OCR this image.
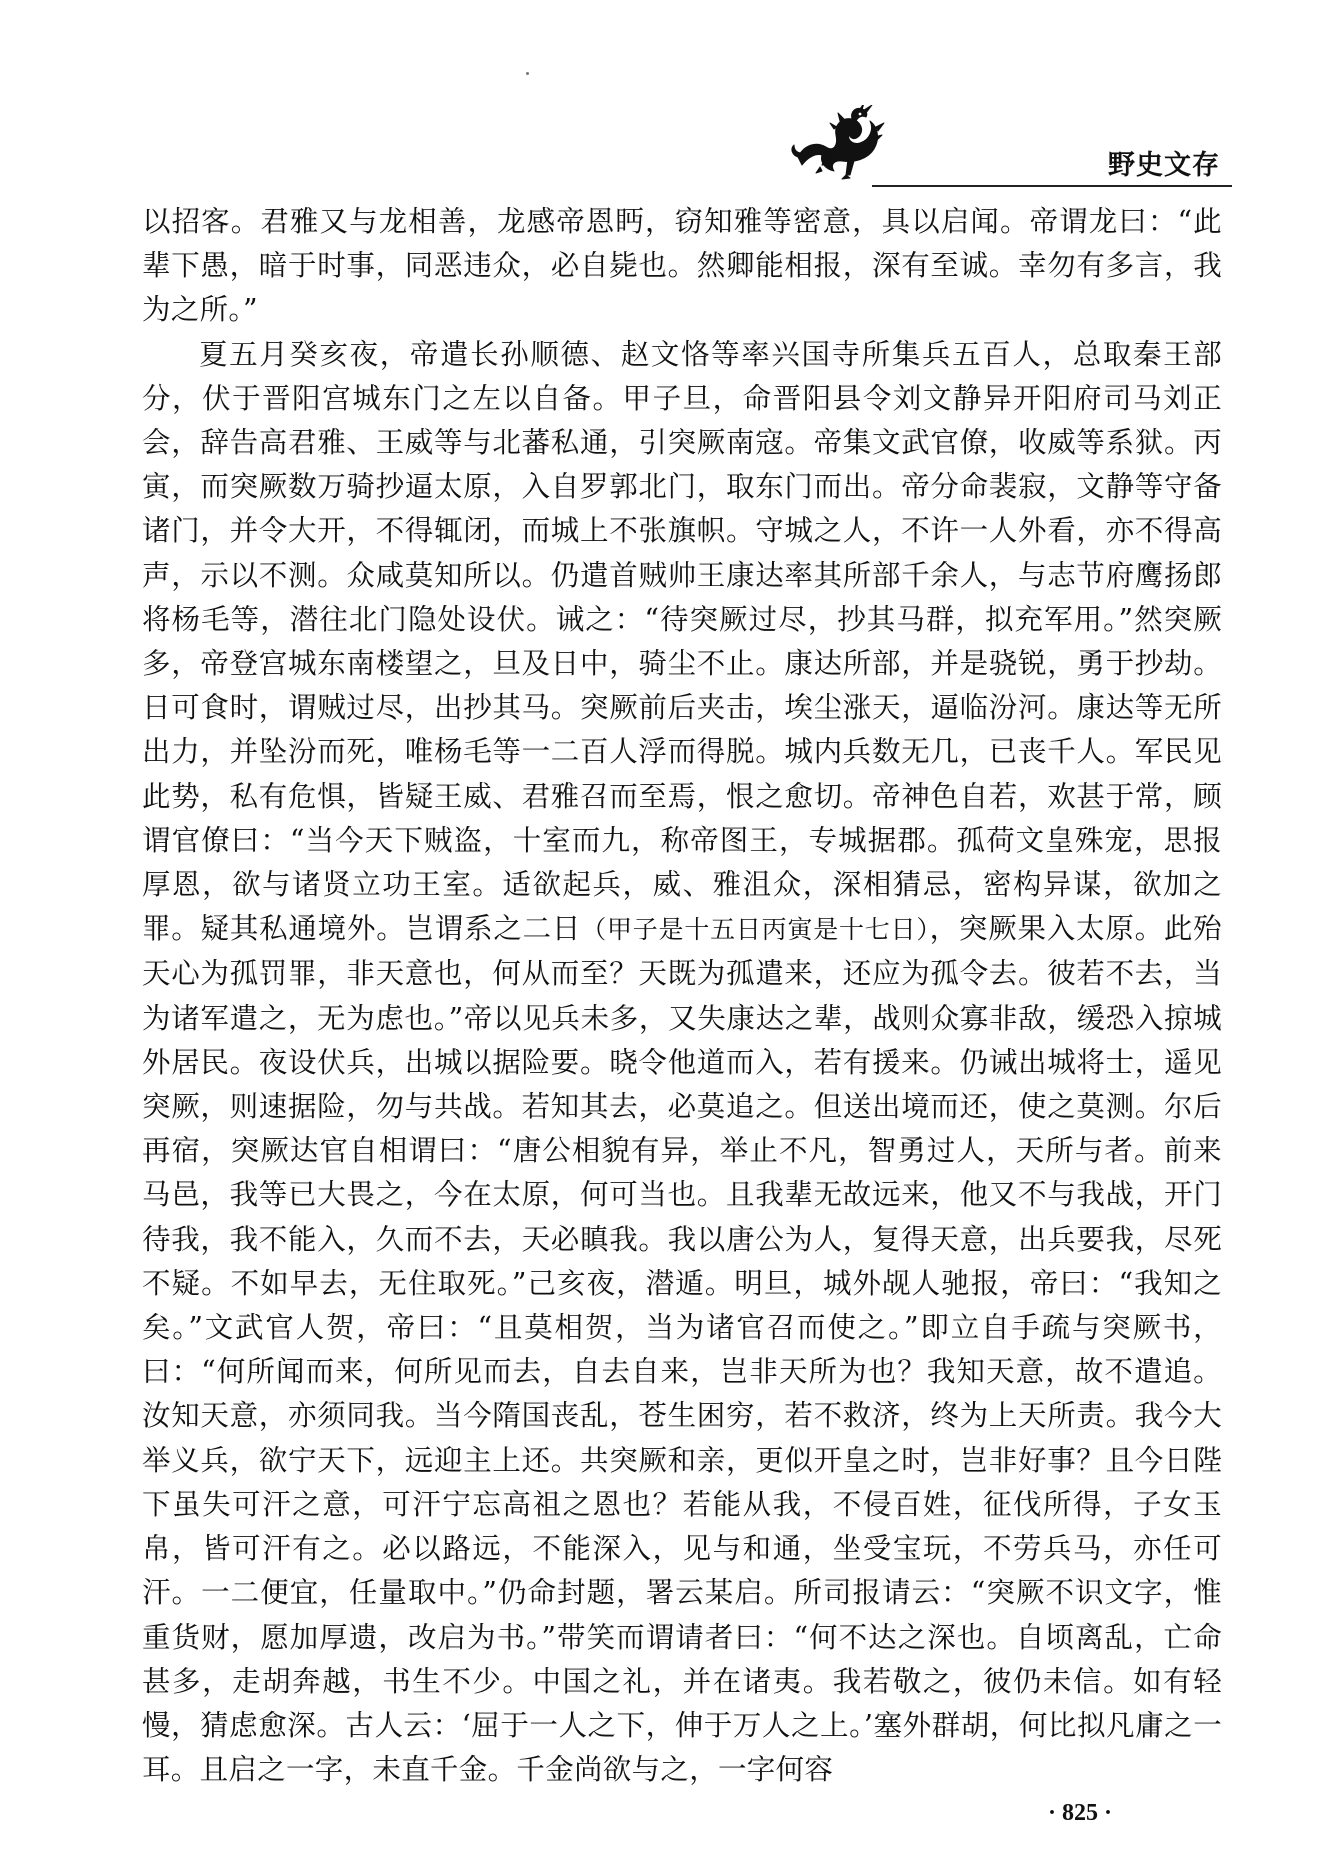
野史文存

以招客。君雅又与龙相善，龙感帝恩眄，窃知雅等密意，具以启闻。帝谓龙曰：“此辈下愚，暗于时事，同恶违众，必自毙也。然卿能相报，深有至诚。幸勿有多言，我为之所。”

夏五月癸亥夜，帝遣长孙顺德、赵文恪等率兴国寺所集兵五百人，总取秦王部分，伏于晋阳宫城东门之左以自备。甲子旦，命晋阳县令刘文静异开阳府司马刘正会，辞告高君雅、王威等与北蕃私通，引突厥南寇。帝集文武官僚，收威等系狱。丙寅，而突厥数万骑抄逼太原，入自罗郭北门，取东门而出。帝分命裴寂，文静等守备诸门，并令大开，不得辄闭，而城上不张旗帜。守城之人，不许一人外看，亦不得高声，示以不测。众咸莫知所以。仍遣首贼帅王康达率其所部千余人，与志节府鹰扬郎将杨毛等，潜往北门隐处设伏。诫之：“待突厥过尽，抄其马群，拟充军用。”然突厥多，帝登宫城东南楼望之，旦及日中，骑尘不止。康达所部，并是骁锐，勇于抄劫。日可食时，谓贼过尽，出抄其马。突厥前后夹击，埃尘涨天，逼临汾河。康达等无所出力，并坠汾而死，唯杨毛等一二百人浮而得脱。城内兵数无几，已丧千人。军民见此势，私有危惧，皆疑王威、君雅召而至焉，恨之愈切。帝神色自若，欢甚于常，顾谓官僚曰：“当今天下贼盗，十室而九，称帝图王，专城据郡。孤荷文皇殊宠，思报厚恩，欲与诸贤立功王室。适欲起兵，威、雅沮众，深相猜忌，密构异谋，欲加之罪。疑其私通境外。岂谓系之二日（甲子是十五日丙寅是十七日），突厥果入太原。此殆天心为孤罚罪，非天意也，何从而至？天既为孤遣来，还应为孤令去。彼若不去，当为诸军遣之，无为虑也。”帝以见兵未多，又失康达之辈，战则众寡非敌，缓恐入掠城外居民。夜设伏兵，出城以据险要。晓令他道而入，若有援来。仍诫出城将士，遥见突厥，则速据险，勿与共战。若知其去，必莫追之。但送出境而还，使之莫测。尔后再宿，突厥达官自相谓曰：“唐公相貌有异，举止不凡，智勇过人，天所与者。前来马邑，我等已大畏之，今在太原，何可当也。且我辈无故远来，他又不与我战，开门待我，我不能入，久而不去，天必瞋我。我以唐公为人，复得天意，出兵要我，尽死不疑。不如早去，无住取死。”己亥夜，潜遁。明旦，城外觇人驰报，帝曰：“我知之矣。”文武官人贺，帝曰：“且莫相贺，当为诸官召而使之。”即立自手疏与突厥书，曰：“何所闻而来，何所见而去，自去自来，岂非天所为也？我知天意，故不遣追。汝知天意，亦须同我。当今隋国丧乱，苍生困穷，若不救济，终为上天所责。我今大举义兵，欲宁天下，远迎主上还。共突厥和亲，更似开皇之时，岂非好事？且今日陛下虽失可汗之意，可汗宁忘高祖之恩也？若能从我，不侵百姓，征伐所得，子女玉帛，皆可汗有之。必以路远，不能深入，见与和通，坐受宝玩，不劳兵马，亦任可汗。一二便宜，任量取中。”仍命封题，署云某启。所司报请云：“突厥不识文字，惟重货财，愿加厚遗，改启为书。”带笑而谓请者曰：“何不达之深也。自顷离乱，亡命甚多，走胡奔越，书生不少。中国之礼，并在诸夷。我若敬之，彼仍未信。如有轻慢，猜虑愈深。古人云：‘屈于一人之下，伸于万人之上。’塞外群胡，何比拟凡庸之一耳。且启之一字，未直千金。千金尚欲与之，一字何容

· 825 ·
